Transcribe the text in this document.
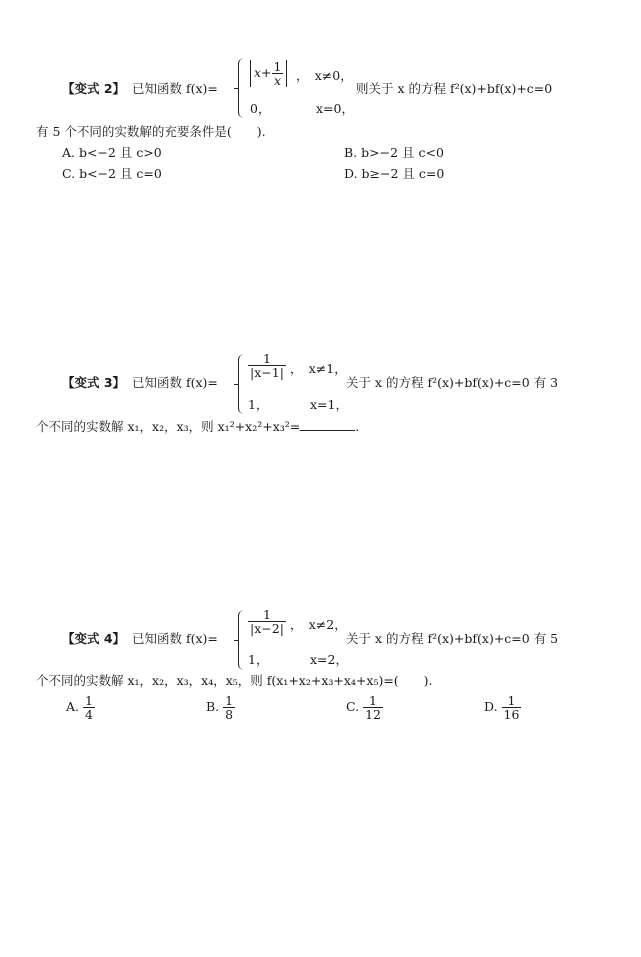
【变式 2】 已知函数 f(x)=
$x+ \frac{1}{x}$ ，　x≠0，
0，	x=0，
则关于 x 的方程 f²(x)+bf(x)+c=0
有 5 个不同的实数解的充要条件是(　　).
A. b<−2 且 c>0	B. b>−2 且 c<0
C. b<−2 且 c=0	D. b≥−2 且 c=0
【变式 3】 已知函数 f(x)=
$\frac{1}{|x-1|}$ ，　x≠1，
1，	x=1，
关于 x 的方程 f²(x)+bf(x)+c=0 有 3
个不同的实数解 x₁，x₂，x₃，则 x₁²+x₂²+x₃²=	.
【变式 4】 已知函数 f(x)=
$\frac{1}{|x-2|}$ ，　x≠2，
1，	x=2，
关于 x 的方程 f²(x)+bf(x)+c=0 有 5
个不同的实数解 x₁，x₂，x₃，x₄，x₅，则 f(x₁+x₂+x₃+x₄+x₅)=(　　).
A. $\frac{1}{4}$	B. $\frac{1}{8}$	C. $\frac{1}{12}$	D. $\frac{1}{16}$
